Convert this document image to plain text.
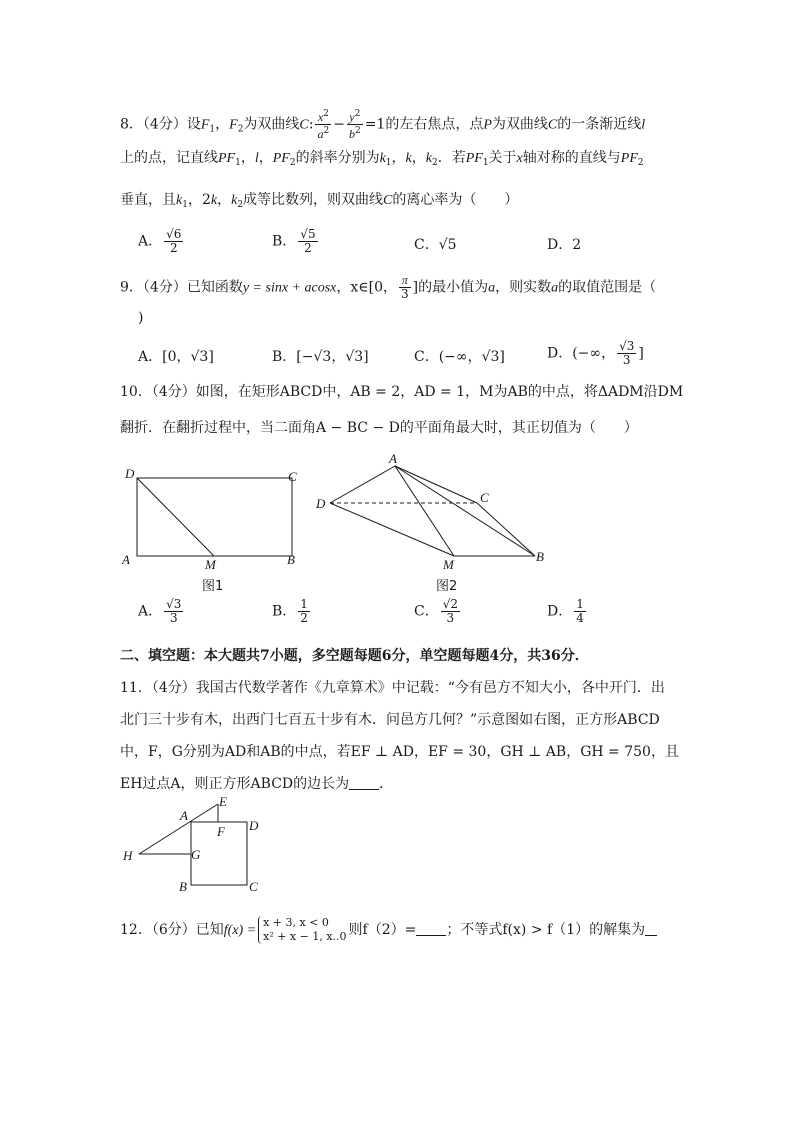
8．（4分）设$F_1$，$F_2$为双曲线C: $\frac{x^2}{a^2} - \frac{y^2}{b^2} =1$的左右焦点，点P为双曲线C的一条渐近线l
上的点，记直线$PF_1$，l，$PF_2$的斜率分别为$k_1$，k，$k_2$．若$PF_1$关于x轴对称的直线与$PF_2$
垂直，且$k_1$，2k，$k_2$成等比数列，则双曲线C的离心率为（　　）
A． $\frac{√6}{2}$	B． $\frac{√5}{2}$	C．√5	D．2
9．（4分）已知函数y = sinx + acosx，x∈[0， $\frac{\pi}{3}$ ]的最小值为a，则实数a的取值范围是（
)
A．[0，√3]	B．[−√3，√3]	C．(−∞，√3]	D．(−∞， $\frac{√3}{3}$ ]
10．（4分）如图，在矩形ABCD中，AB = 2，AD = 1，M为AB的中点，将ΔADM沿DM
翻折．在翻折过程中，当二面角A − BC − D的平面角最大时，其正切值为（　　）
D	C
A	M	B
图1
A
D	C
M
B
图2
A． $\frac{√3}{3}$	B． $\frac{1}{2}$	C． $\frac{√2}{3}$	D． $\frac{1}{4}$
二、填空题：本大题共7小题，多空题每题6分，单空题每题4分，共36分．
11．（4分）我国古代数学著作《九章算术》中记载：“今有邑方不知大小，各中开门．出
北门三十步有木，出西门七百五十步有木．问邑方几何？”示意图如右图，正方形ABCD
中，F，G分别为AD和AB的中点，若EF ⊥ AD，EF = 30，GH ⊥ AB，GH = 750，且
EH过点A，则正方形ABCD的边长为 ．
E
A
F D
H	G
B	C
12．（6分）已知f(x) =
x + 3, x < 0
x² + x − 1, x..0 则f（2）= ；不等式f(x) > f（1）的解集为
